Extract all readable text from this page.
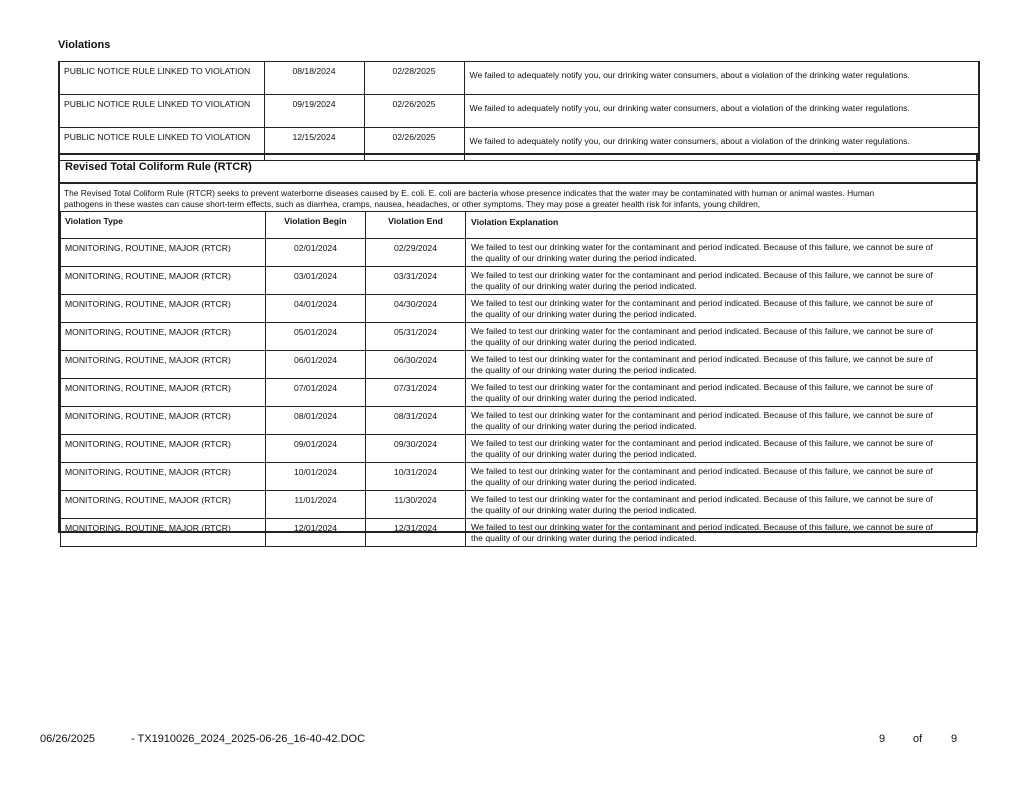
Violations
PUBLIC NOTICE RULE LINKED TO VIOLATION	08/18/2024	02/28/2025	We failed to adequately notify you, our drinking water consumers, about a violation of the drinking water regulations.
PUBLIC NOTICE RULE LINKED TO VIOLATION	09/19/2024	02/26/2025	We failed to adequately notify you, our drinking water consumers, about a violation of the drinking water regulations.
PUBLIC NOTICE RULE LINKED TO VIOLATION	12/15/2024	02/26/2025	We failed to adequately notify you, our drinking water consumers, about a violation of the drinking water regulations.
Revised Total Coliform Rule (RTCR)
The Revised Total Coliform Rule (RTCR) seeks to prevent waterborne diseases caused by E. coli. E. coli are bacteria whose presence indicates that the water may be contaminated with human or animal wastes. Human
pathogens in these wastes can cause short-term effects, such as diarrhea, cramps, nausea, headaches, or other symptoms. They may pose a greater health risk for infants, young children,
Violation Type	Violation Begin	Violation End	Violation Explanation
MONITORING, ROUTINE, MAJOR (RTCR)	02/01/2024	02/29/2024	We failed to test our drinking water for the contaminant and period indicated. Because of this failure, we cannot be sure of
the quality of our drinking water during the period indicated.

MONITORING, ROUTINE, MAJOR (RTCR)	03/01/2024	03/31/2024	We failed to test our drinking water for the contaminant and period indicated. Because of this failure, we cannot be sure of
the quality of our drinking water during the period indicated.

MONITORING, ROUTINE, MAJOR (RTCR)	04/01/2024	04/30/2024	We failed to test our drinking water for the contaminant and period indicated. Because of this failure, we cannot be sure of
the quality of our drinking water during the period indicated.

MONITORING, ROUTINE, MAJOR (RTCR)	05/01/2024	05/31/2024	We failed to test our drinking water for the contaminant and period indicated. Because of this failure, we cannot be sure of
the quality of our drinking water during the period indicated.

MONITORING, ROUTINE, MAJOR (RTCR)	06/01/2024	06/30/2024	We failed to test our drinking water for the contaminant and period indicated. Because of this failure, we cannot be sure of
the quality of our drinking water during the period indicated.

MONITORING, ROUTINE, MAJOR (RTCR)	07/01/2024	07/31/2024	We failed to test our drinking water for the contaminant and period indicated. Because of this failure, we cannot be sure of
the quality of our drinking water during the period indicated.

MONITORING, ROUTINE, MAJOR (RTCR)	08/01/2024	08/31/2024	We failed to test our drinking water for the contaminant and period indicated. Because of this failure, we cannot be sure of
the quality of our drinking water during the period indicated.

MONITORING, ROUTINE, MAJOR (RTCR)	09/01/2024	09/30/2024	We failed to test our drinking water for the contaminant and period indicated. Because of this failure, we cannot be sure of
the quality of our drinking water during the period indicated.

MONITORING, ROUTINE, MAJOR (RTCR)	10/01/2024	10/31/2024	We failed to test our drinking water for the contaminant and period indicated. Because of this failure, we cannot be sure of
the quality of our drinking water during the period indicated.

MONITORING, ROUTINE, MAJOR (RTCR)	11/01/2024	11/30/2024	We failed to test our drinking water for the contaminant and period indicated. Because of this failure, we cannot be sure of
the quality of our drinking water during the period indicated.

MONITORING, ROUTINE, MAJOR (RTCR)	12/01/2024	12/31/2024	We failed to test our drinking water for the contaminant and period indicated. Because of this failure, we cannot be sure of
the quality of our drinking water during the period indicated.
06/26/2025	- TX1910026_2024_2025-06-26_16-40-42.DOC	9	of	9
